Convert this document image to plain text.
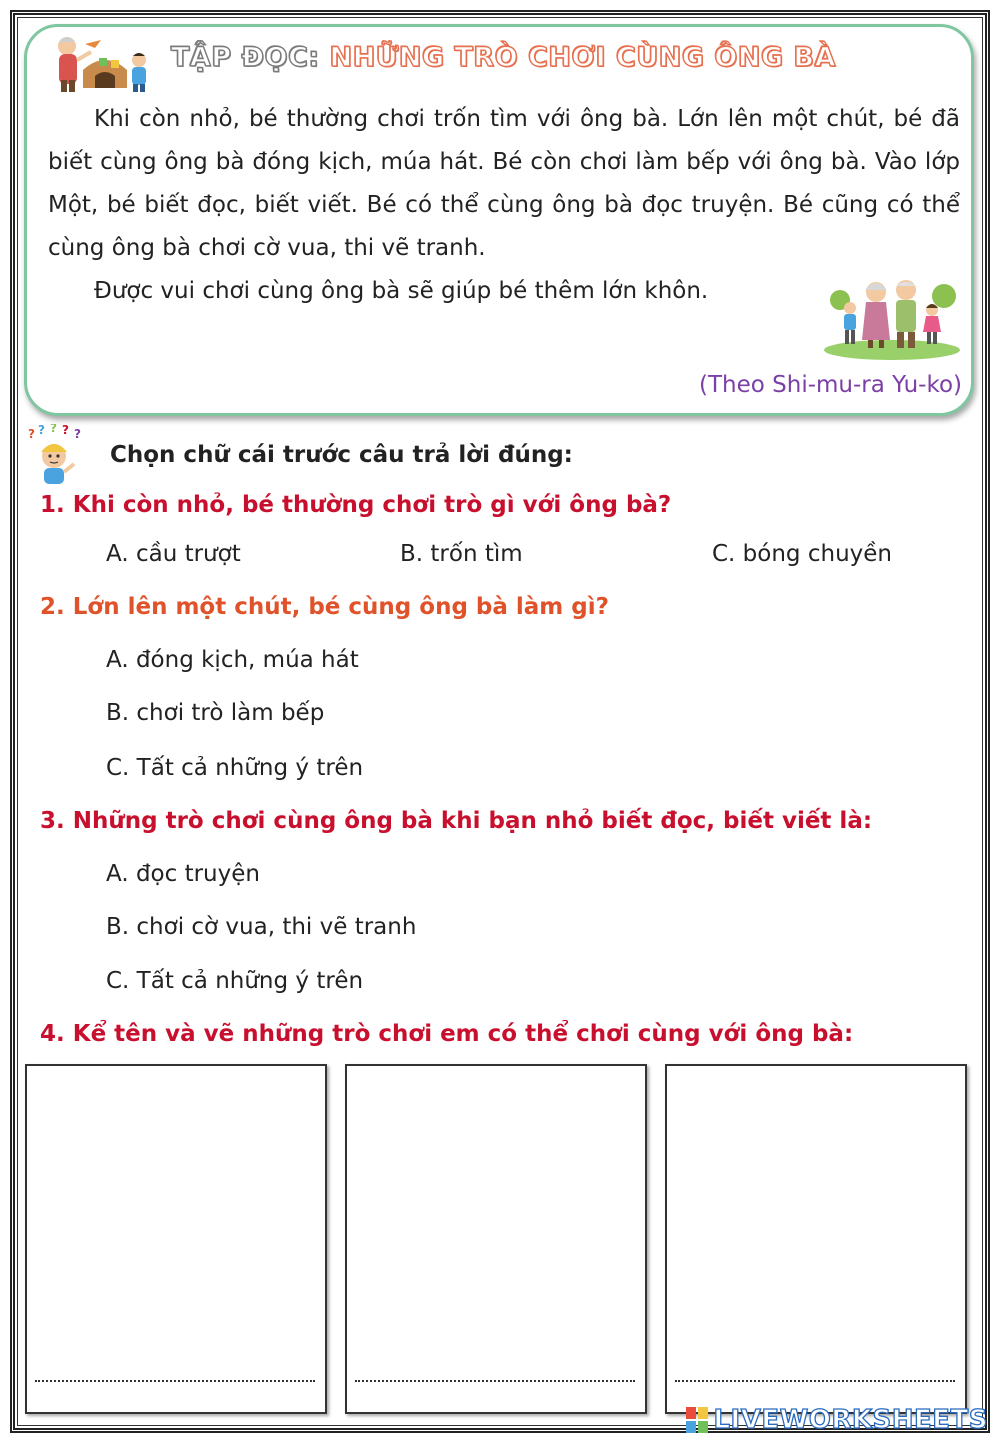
TẬP ĐỌC: NHỮNG TRÒ CHƠI CÙNG ÔNG BÀ

Khi còn nhỏ, bé thường chơi trốn tìm với ông bà. Lớn lên một chút, bé đã biết cùng ông bà đóng kịch, múa hát. Bé còn chơi làm bếp với ông bà. Vào lớp Một, bé biết đọc, biết viết. Bé có thể cùng ông bà đọc truyện. Bé cũng có thể cùng ông bà chơi cờ vua, thi vẽ tranh.

Được vui chơi cùng ông bà sẽ giúp bé thêm lớn khôn.

(Theo Shi-mu-ra Yu-ko)
? ? ? ? ?
Chọn chữ cái trước câu trả lời đúng:
1. Khi còn nhỏ, bé thường chơi trò gì với ông bà?
A. cầu trượt	B. trốn tìm	C. bóng chuyền
2. Lớn lên một chút, bé cùng ông bà làm gì?
A. đóng kịch, múa hát
B. chơi trò làm bếp
C. Tất cả những ý trên
3. Những trò chơi cùng ông bà khi bạn nhỏ biết đọc, biết viết là:
A. đọc truyện
B. chơi cờ vua, thi vẽ tranh
C. Tất cả những ý trên
4. Kể tên và vẽ những trò chơi em có thể chơi cùng với ông bà:
LIVEWORKSHEETS
